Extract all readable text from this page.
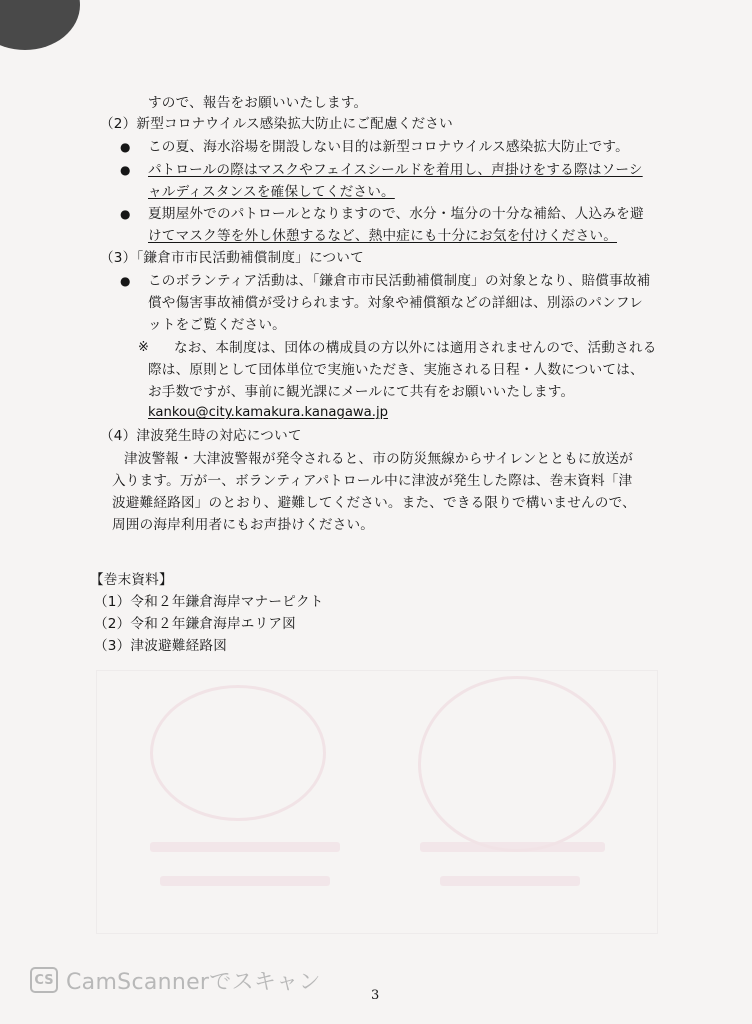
すので、報告をお願いいたします。
（2）新型コロナウイルス感染拡大防止にご配慮ください
● この夏、海水浴場を開設しない目的は新型コロナウイルス感染拡大防止です。
● パトロールの際はマスクやフェイスシールドを着用し、声掛けをする際はソーシ
ャルディスタンスを確保してください。
● 夏期屋外でのパトロールとなりますので、水分・塩分の十分な補給、人込みを避
けてマスク等を外し休憩するなど、熱中症にも十分にお気を付けください。
（3）「鎌倉市市民活動補償制度」について
● このボランティア活動は、「鎌倉市市民活動補償制度」の対象となり、賠償事故補
償や傷害事故補償が受けられます。対象や補償額などの詳細は、別添のパンフレ
ットをご覧ください。
※ なお、本制度は、団体の構成員の方以外には適用されませんので、活動される
際は、原則として団体単位で実施いただき、実施される日程・人数については、
お手数ですが、事前に観光課にメールにて共有をお願いいたします。
kankou@city.kamakura.kanagawa.jp
（4）津波発生時の対応について
津波警報・大津波警報が発令されると、市の防災無線からサイレンとともに放送が
入ります。万が一、ボランティアパトロール中に津波が発生した際は、巻末資料「津
波避難経路図」のとおり、避難してください。また、できる限りで構いませんので、
周囲の海岸利用者にもお声掛けください。
【巻末資料】
（1）令和２年鎌倉海岸マナーピクト
（2）令和２年鎌倉海岸エリア図
（3）津波避難経路図
CS CamScannerでスキャン
3
